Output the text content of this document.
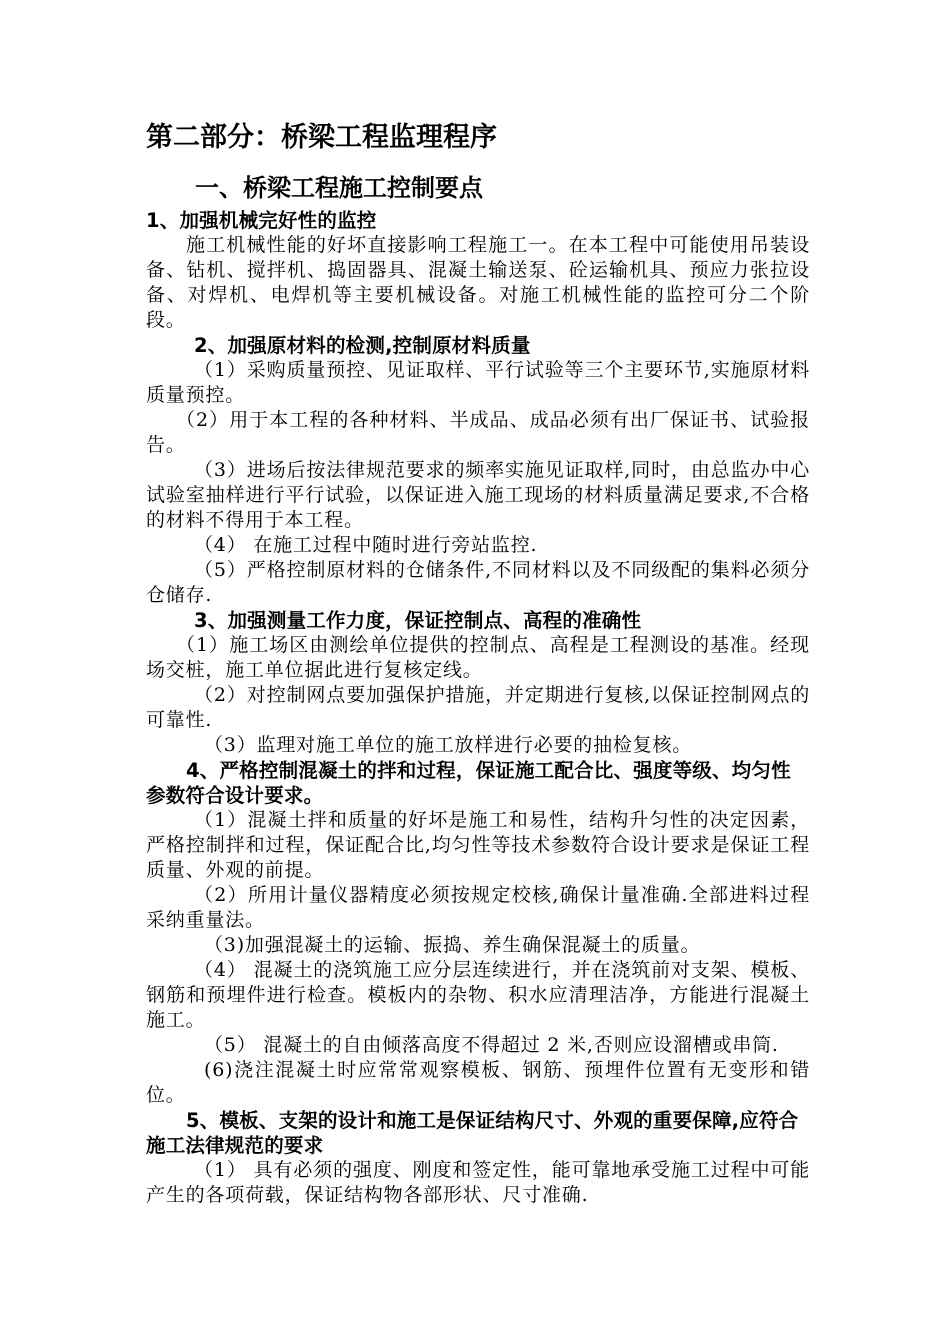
第二部分：桥梁工程监理程序
一、桥梁工程施工控制要点
1、加强机械完好性的监控
施工机械性能的好坏直接影响工程施工一。在本工程中可能使用吊装设备、钻机、搅拌机、捣固器具、混凝土输送泵、砼运输机具、预应力张拉设备、对焊机、电焊机等主要机械设备。对施工机械性能的监控可分二个阶段。
2、加强原材料的检测,控制原材料质量
（1）采购质量预控、见证取样、平行试验等三个主要环节,实施原材料质量预控。
（2）用于本工程的各种材料、半成品、成品必须有出厂保证书、试验报告。
（3）进场后按法律规范要求的频率实施见证取样,同时，由总监办中心试验室抽样进行平行试验，以保证进入施工现场的材料质量满足要求,不合格的材料不得用于本工程。
（4） 在施工过程中随时进行旁站监控.
（5）严格控制原材料的仓储条件,不同材料以及不同级配的集料必须分仓储存.
3、加强测量工作力度，保证控制点、高程的准确性
（1）施工场区由测绘单位提供的控制点、高程是工程测设的基准。经现场交桩，施工单位据此进行复核定线。
（2）对控制网点要加强保护措施，并定期进行复核,以保证控制网点的可靠性.
（3）监理对施工单位的施工放样进行必要的抽检复核。
4、严格控制混凝土的拌和过程，保证施工配合比、强度等级、均匀性参数符合设计要求。
（1）混凝土拌和质量的好坏是施工和易性，结构升匀性的决定因素，严格控制拌和过程，保证配合比,均匀性等技术参数符合设计要求是保证工程质量、外观的前提。
（2）所用计量仪器精度必须按规定校核,确保计量准确.全部进料过程采纳重量法。
（3)加强混凝土的运输、振捣、养生确保混凝土的质量。
（4） 混凝土的浇筑施工应分层连续进行，并在浇筑前对支架、模板、钢筋和预埋件进行检查。模板内的杂物、积水应清理洁净，方能进行混凝土施工。
（5） 混凝土的自由倾落高度不得超过 2 米,否则应设溜槽或串筒.
(6)浇注混凝土时应常常观察模板、钢筋、预埋件位置有无变形和错位。
5、模板、支架的设计和施工是保证结构尺寸、外观的重要保障,应符合施工法律规范的要求
（1） 具有必须的强度、刚度和签定性，能可靠地承受施工过程中可能产生的各项荷载，保证结构物各部形状、尺寸准确.
